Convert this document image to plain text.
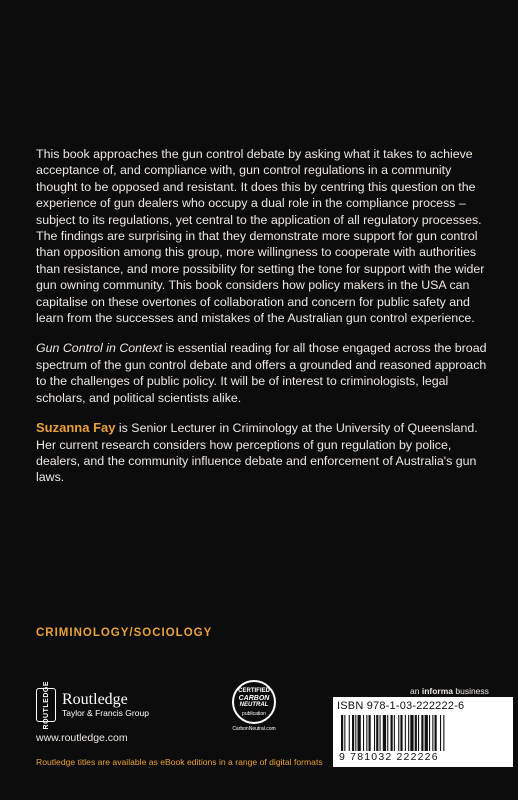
This book approaches the gun control debate by asking what it takes to achieve acceptance of, and compliance with, gun control regulations in a community thought to be opposed and resistant. It does this by centring this question on the experience of gun dealers who occupy a dual role in the compliance process – subject to its regulations, yet central to the application of all regulatory processes. The findings are surprising in that they demonstrate more support for gun control than opposition among this group, more willingness to cooperate with authorities than resistance, and more possibility for setting the tone for support with the wider gun owning community. This book considers how policy makers in the USA can capitalise on these overtones of collaboration and concern for public safety and learn from the successes and mistakes of the Australian gun control experience.

Gun Control in Context is essential reading for all those engaged across the broad spectrum of the gun control debate and offers a grounded and reasoned approach to the challenges of public policy. It will be of interest to criminologists, legal scholars, and political scientists alike.

Suzanna Fay is Senior Lecturer in Criminology at the University of Queensland. Her current research considers how perceptions of gun regulation by police, dealers, and the community influence debate and enforcement of Australia's gun laws.

CRIMINOLOGY/SOCIOLOGY
ROUTLEDGE Routledge
Taylor & Francis Group
www.routledge.com
CERTIFIED
CARBON
NEUTRAL
publication
CarbonNeutral.com
an informa business
ISBN 978-1-03-222222-6
9 781032 222226
Routledge titles are available as eBook editions in a range of digital formats
